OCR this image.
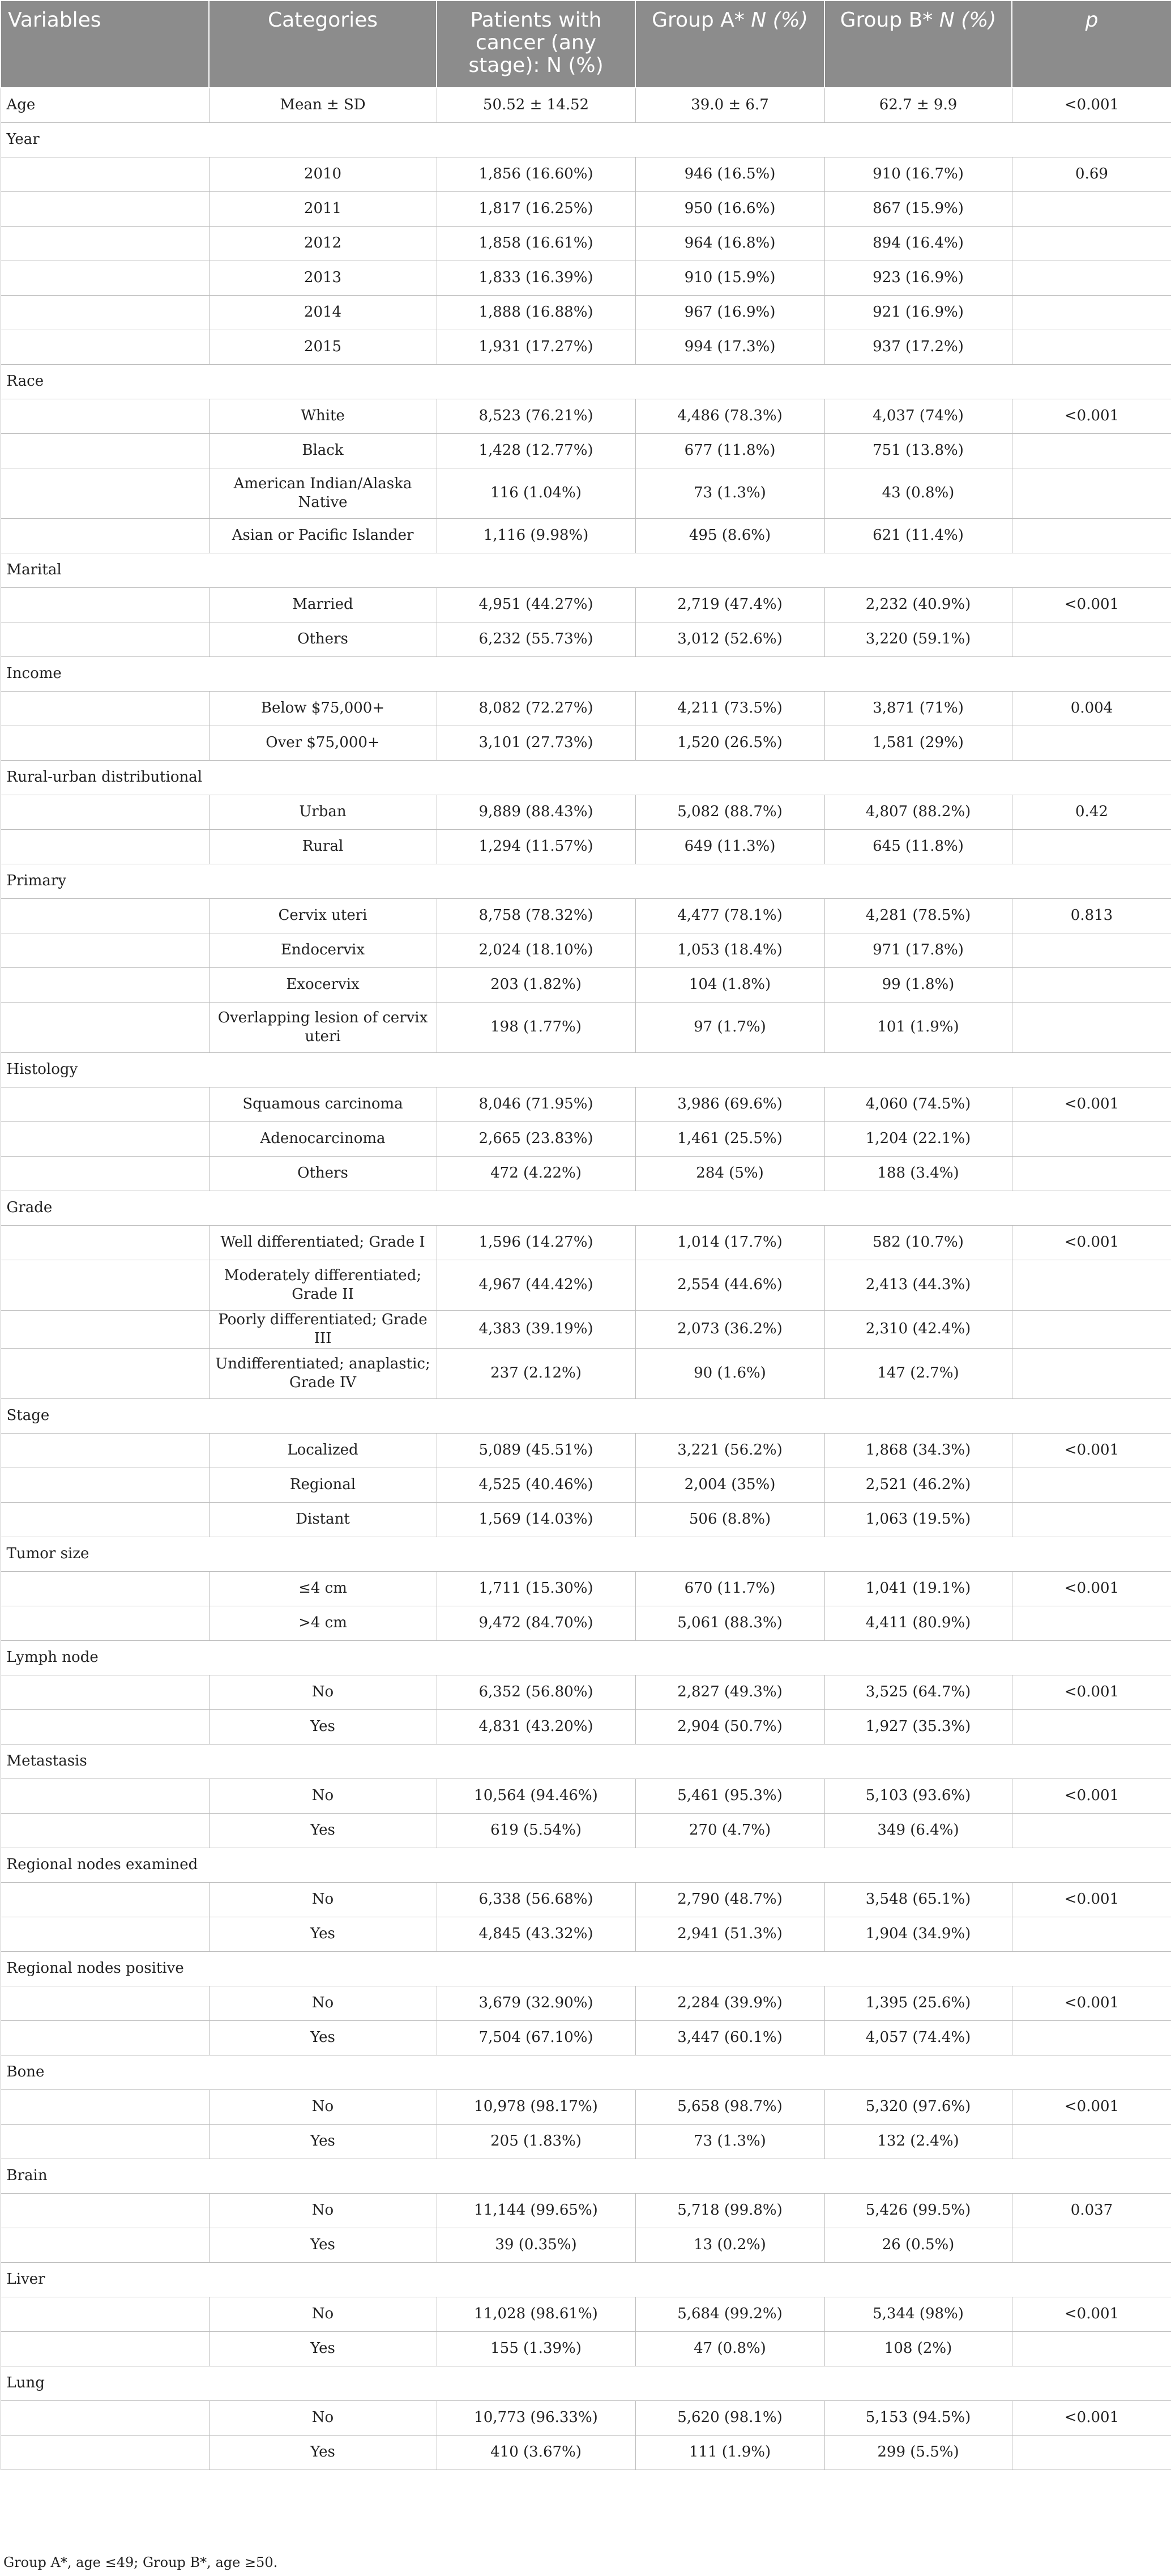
Variables	Categories	Patients with cancer (any stage): N (%)	Group A* N (%)	Group B* N (%)	p
Age	Mean ± SD	50.52 ± 14.52	39.0 ± 6.7	62.7 ± 9.9	<0.001
Year					
	2010	1,856 (16.60%)	946 (16.5%)	910 (16.7%)	0.69
	2011	1,817 (16.25%)	950 (16.6%)	867 (15.9%)	
	2012	1,858 (16.61%)	964 (16.8%)	894 (16.4%)	
	2013	1,833 (16.39%)	910 (15.9%)	923 (16.9%)	
	2014	1,888 (16.88%)	967 (16.9%)	921 (16.9%)	
	2015	1,931 (17.27%)	994 (17.3%)	937 (17.2%)	
Race					
	White	8,523 (76.21%)	4,486 (78.3%)	4,037 (74%)	<0.001
	Black	1,428 (12.77%)	677 (11.8%)	751 (13.8%)	
	American Indian/Alaska Native	116 (1.04%)	73 (1.3%)	43 (0.8%)	
	Asian or Pacific Islander	1,116 (9.98%)	495 (8.6%)	621 (11.4%)	
Marital					
	Married	4,951 (44.27%)	2,719 (47.4%)	2,232 (40.9%)	<0.001
	Others	6,232 (55.73%)	3,012 (52.6%)	3,220 (59.1%)	
Income					
	Below $75,000+	8,082 (72.27%)	4,211 (73.5%)	3,871 (71%)	0.004
	Over $75,000+	3,101 (27.73%)	1,520 (26.5%)	1,581 (29%)	
Rural-urban distributional					
	Urban	9,889 (88.43%)	5,082 (88.7%)	4,807 (88.2%)	0.42
	Rural	1,294 (11.57%)	649 (11.3%)	645 (11.8%)	
Primary					
	Cervix uteri	8,758 (78.32%)	4,477 (78.1%)	4,281 (78.5%)	0.813
	Endocervix	2,024 (18.10%)	1,053 (18.4%)	971 (17.8%)	
	Exocervix	203 (1.82%)	104 (1.8%)	99 (1.8%)	
	Overlapping lesion of cervix uteri	198 (1.77%)	97 (1.7%)	101 (1.9%)	
Histology					
	Squamous carcinoma	8,046 (71.95%)	3,986 (69.6%)	4,060 (74.5%)	<0.001
	Adenocarcinoma	2,665 (23.83%)	1,461 (25.5%)	1,204 (22.1%)	
	Others	472 (4.22%)	284 (5%)	188 (3.4%)	
Grade					
	Well differentiated; Grade I	1,596 (14.27%)	1,014 (17.7%)	582 (10.7%)	<0.001
	Moderately differentiated; Grade II	4,967 (44.42%)	2,554 (44.6%)	2,413 (44.3%)	
	Poorly differentiated; Grade III	4,383 (39.19%)	2,073 (36.2%)	2,310 (42.4%)	
	Undifferentiated; anaplastic; Grade IV	237 (2.12%)	90 (1.6%)	147 (2.7%)	
Stage					
	Localized	5,089 (45.51%)	3,221 (56.2%)	1,868 (34.3%)	<0.001
	Regional	4,525 (40.46%)	2,004 (35%)	2,521 (46.2%)	
	Distant	1,569 (14.03%)	506 (8.8%)	1,063 (19.5%)	
Tumor size					
	≤4 cm	1,711 (15.30%)	670 (11.7%)	1,041 (19.1%)	<0.001
	>4 cm	9,472 (84.70%)	5,061 (88.3%)	4,411 (80.9%)	
Lymph node					
	No	6,352 (56.80%)	2,827 (49.3%)	3,525 (64.7%)	<0.001
	Yes	4,831 (43.20%)	2,904 (50.7%)	1,927 (35.3%)	
Metastasis					
	No	10,564 (94.46%)	5,461 (95.3%)	5,103 (93.6%)	<0.001
	Yes	619 (5.54%)	270 (4.7%)	349 (6.4%)	
Regional nodes examined					
	No	6,338 (56.68%)	2,790 (48.7%)	3,548 (65.1%)	<0.001
	Yes	4,845 (43.32%)	2,941 (51.3%)	1,904 (34.9%)	
Regional nodes positive					
	No	3,679 (32.90%)	2,284 (39.9%)	1,395 (25.6%)	<0.001
	Yes	7,504 (67.10%)	3,447 (60.1%)	4,057 (74.4%)	
Bone					
	No	10,978 (98.17%)	5,658 (98.7%)	5,320 (97.6%)	<0.001
	Yes	205 (1.83%)	73 (1.3%)	132 (2.4%)	
Brain					
	No	11,144 (99.65%)	5,718 (99.8%)	5,426 (99.5%)	0.037
	Yes	39 (0.35%)	13 (0.2%)	26 (0.5%)	
Liver					
	No	11,028 (98.61%)	5,684 (99.2%)	5,344 (98%)	<0.001
	Yes	155 (1.39%)	47 (0.8%)	108 (2%)	
Lung					
	No	10,773 (96.33%)	5,620 (98.1%)	5,153 (94.5%)	<0.001
	Yes	410 (3.67%)	111 (1.9%)	299 (5.5%)	
Group A*, age ≤49; Group B*, age ≥50.
